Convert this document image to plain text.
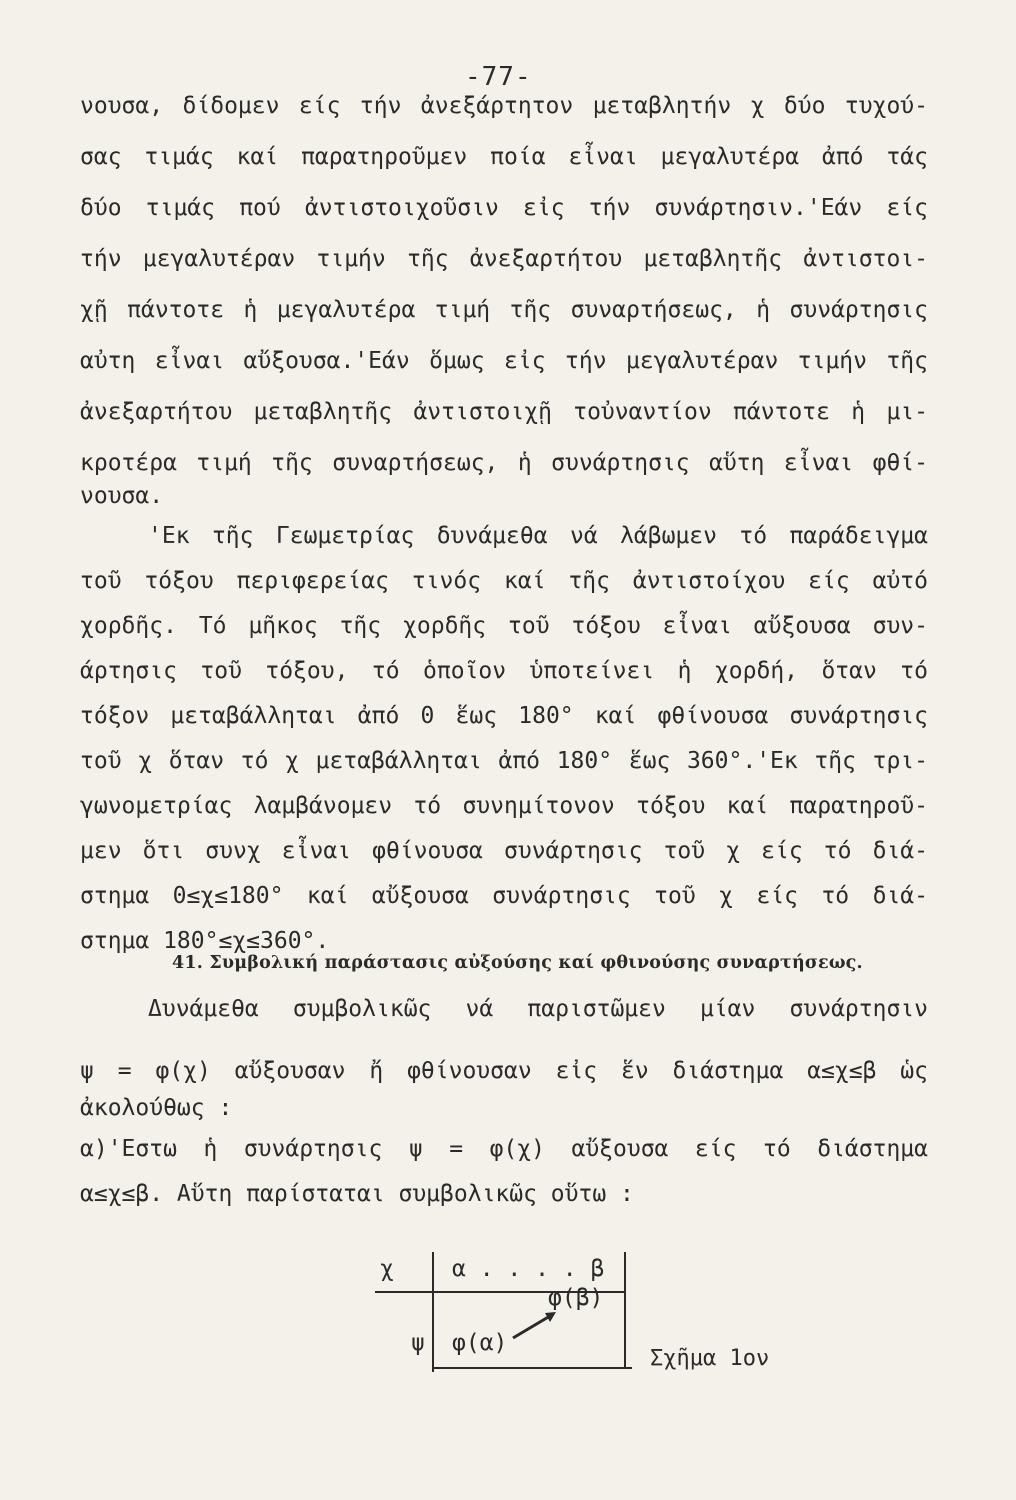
-77-
νουσα, δίδομεν είς τήν ἀνεξάρτητον μεταβλητήν χ δύο τυχού-
σας τιμάς καί παρατηροῦμεν ποία εἶναι μεγαλυτέρα ἀπό τάς
δύο τιμάς πού ἀντιστοιχοῦσιν εἰς τήν συνάρτησιν.'Εάν είς
τήν μεγαλυτέραν τιμήν τῆς ἀνεξαρτήτου μεταβλητῆς ἀντιστοι-
χῇ πάντοτε ἡ μεγαλυτέρα τιμή τῆς συναρτήσεως, ἡ συνάρτησις
αὐτη εἶναι αὔξουσα.'Εάν ὅμως εἰς τήν μεγαλυτέραν τιμήν τῆς
ἀνεξαρτήτου μεταβλητῆς ἀντιστοιχῇ τοὐναντίον πάντοτε ἡ μι-
κροτέρα τιμή τῆς συναρτήσεως, ἡ συνάρτησις αὕτη εἶναι φθί-
νουσα.
'Εκ τῆς Γεωμετρίας δυνάμεθα νά λάβωμεν τό παράδειγμα
τοῦ τόξου περιφερείας τινός καί τῆς ἀντιστοίχου είς αὐτό
χορδῆς. Τό μῆκος τῆς χορδῆς τοῦ τόξου εἶναι αὔξουσα συν-
άρτησις τοῦ τόξου, τό ὁποῖον ὑποτείνει ἡ χορδή, ὅταν τό
τόξον μεταβάλληται ἀπό 0 ἕως 180° καί φθίνουσα συνάρτησις
τοῦ χ ὅταν τό χ μεταβάλληται ἀπό 180° ἕως 360°.'Εκ τῆς τρι-
γωνομετρίας λαμβάνομεν τό συνημίτονον τόξου καί παρατηροῦ-
μεν ὅτι συνχ εἶναι φθίνουσα συνάρτησις τοῦ χ είς τό διά-
στημα 0≤χ≤180° καί αὔξουσα συνάρτησις τοῦ χ είς τό διά-
στημα 180°≤χ≤360°.
41. Συμβολική παράστασις αὐξούσης καί φθινούσης συναρτήσεως.
Δυνάμεθα συμβολικῶς νά παριστῶμεν μίαν συνάρτησιν
ψ = φ(χ) αὔξουσαν ἤ φθίνουσαν εἰς ἕν διάστημα α≤χ≤β ὡς
ἀκολούθως :
α)'Εστω ἡ συνάρτησις ψ = φ(χ) αὔξουσα είς τό διάστημα
α≤χ≤β. Αὕτη παρίσταται συμβολικῶς οὕτω :
χ	α . . . . β
ψ φ(α)
φ(β)
Σχῆμα 1ον
